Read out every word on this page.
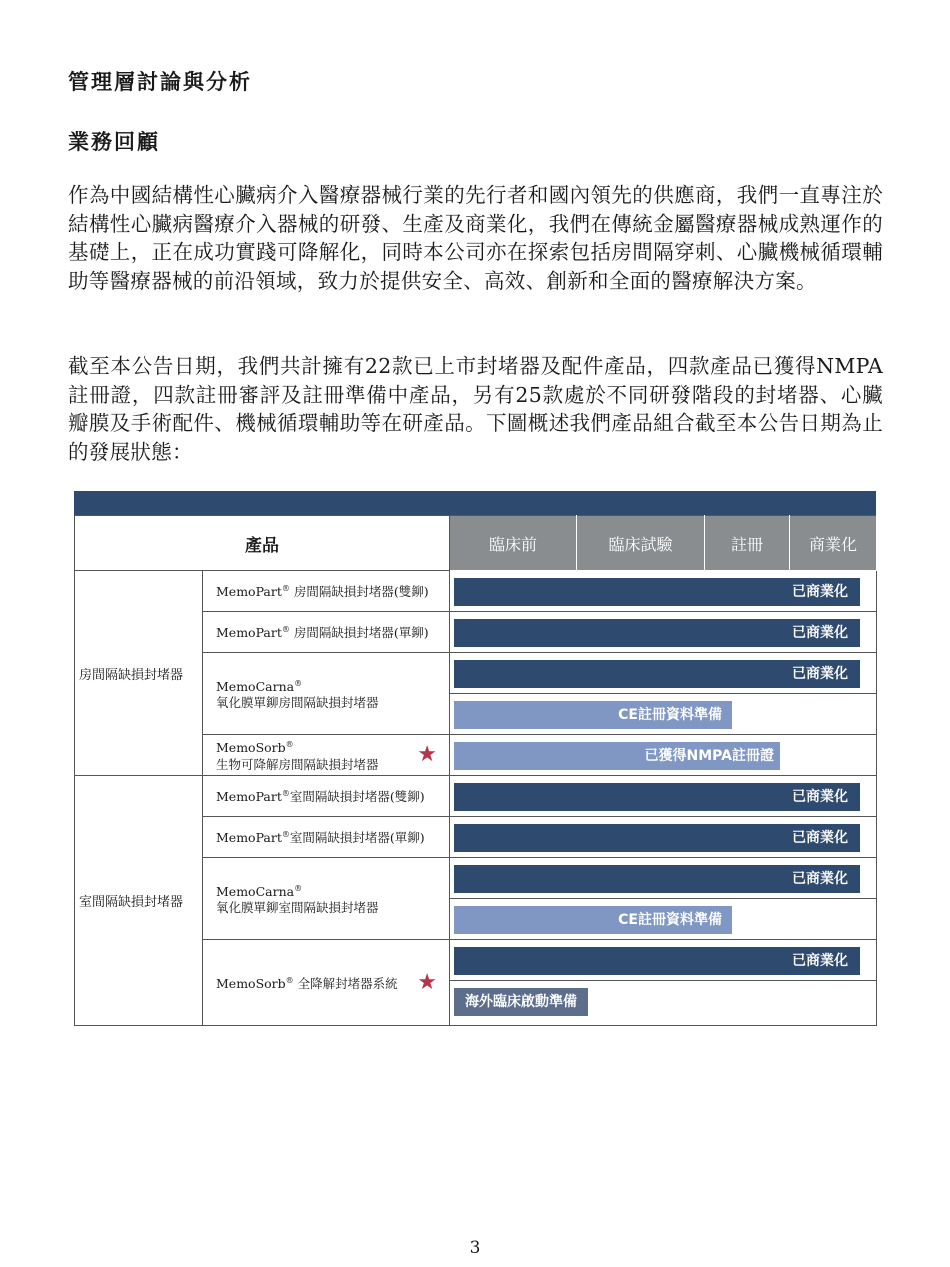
管理層討論與分析
業務回顧

作為中國結構性心臟病介入醫療器械行業的先行者和國內領先的供應商，我們一直專注於結構性心臟病醫療介入器械的研發、生產及商業化，我們在傳統金屬醫療器械成熟運作的基礎上，正在成功實踐可降解化，同時本公司亦在探索包括房間隔穿刺、心臟機械循環輔助等醫療器械的前沿領域，致力於提供安全、高效、創新和全面的醫療解決方案。

截至本公告日期，我們共計擁有22款已上市封堵器及配件產品，四款產品已獲得NMPA註冊證，四款註冊審評及註冊準備中產品，另有25款處於不同研發階段的封堵器、心臟瓣膜及手術配件、機械循環輔助等在研產品。下圖概述我們產品組合截至本公告日期為止的發展狀態：

產品		臨床前	臨床試驗	註冊	商業化
房間隔缺損封堵器	MemoPart® 房間隔缺損封堵器(雙鉚)	已商業化			

	MemoPart® 房間隔缺損封堵器(單鉚)	已商業化			

	MemoCarna®
氧化膜單鉚房間隔缺損封堵器	已商業化			

		CE註冊資料準備			

	MemoSorb®
生物可降解房間隔缺損封堵器 ★	已獲得NMPA註冊證			

室間隔缺損封堵器	MemoPart®室間隔缺損封堵器(雙鉚)	已商業化			

	MemoPart®室間隔缺損封堵器(單鉚)	已商業化			

	MemoCarna®
氧化膜單鉚室間隔缺損封堵器	已商業化			

		CE註冊資料準備			

	MemoSorb® 全降解封堵器系統 ★	已商業化			

		海外臨床啟動準備			
3
